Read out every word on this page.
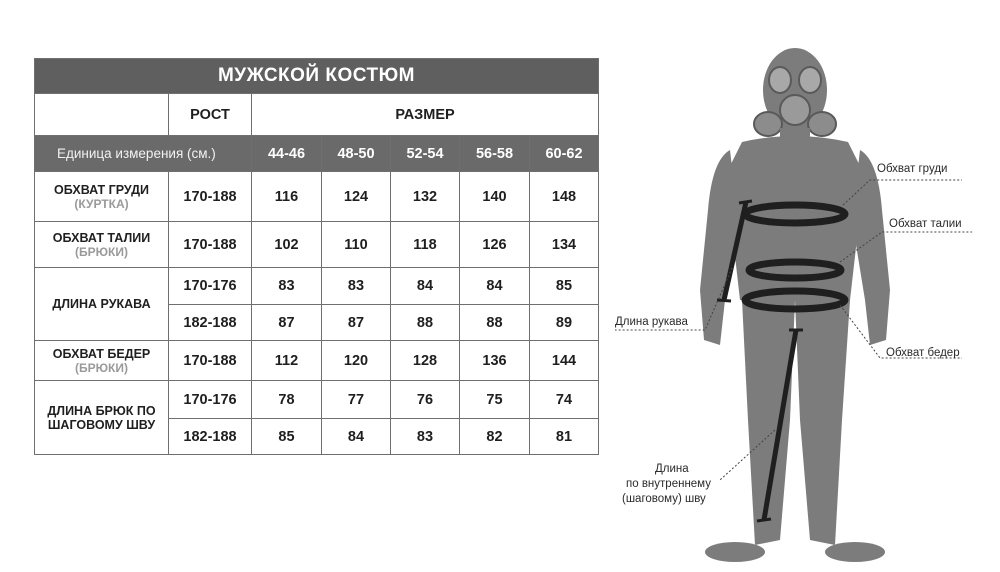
МУЖСКОЙ КОСТЮМ						
	РОСТ	РАЗМЕР				
Единица измерения (см.)		44-46	48-50	52-54	56-58	60-62
ОБХВАТ ГРУДИ
(КУРТКА)	170-188	116	124	132	140	148
ОБХВАТ ТАЛИИ
(БРЮКИ)	170-188	102	110	118	126	134
ДЛИНА РУКАВА	170-176	83	83	84	84	85
	182-188	87	87	88	88	89
ОБХВАТ БЕДЕР
(БРЮКИ)	170-188	112	120	128	136	144
ДЛИНА БРЮК ПО ШАГОВОМУ ШВУ	170-176	78	77	76	75	74
	182-188	85	84	83	82	81
Обхват груди
Обхват талии
Обхват бедер
Длина рукава
Длина
по внутреннему
(шаговому) шву
